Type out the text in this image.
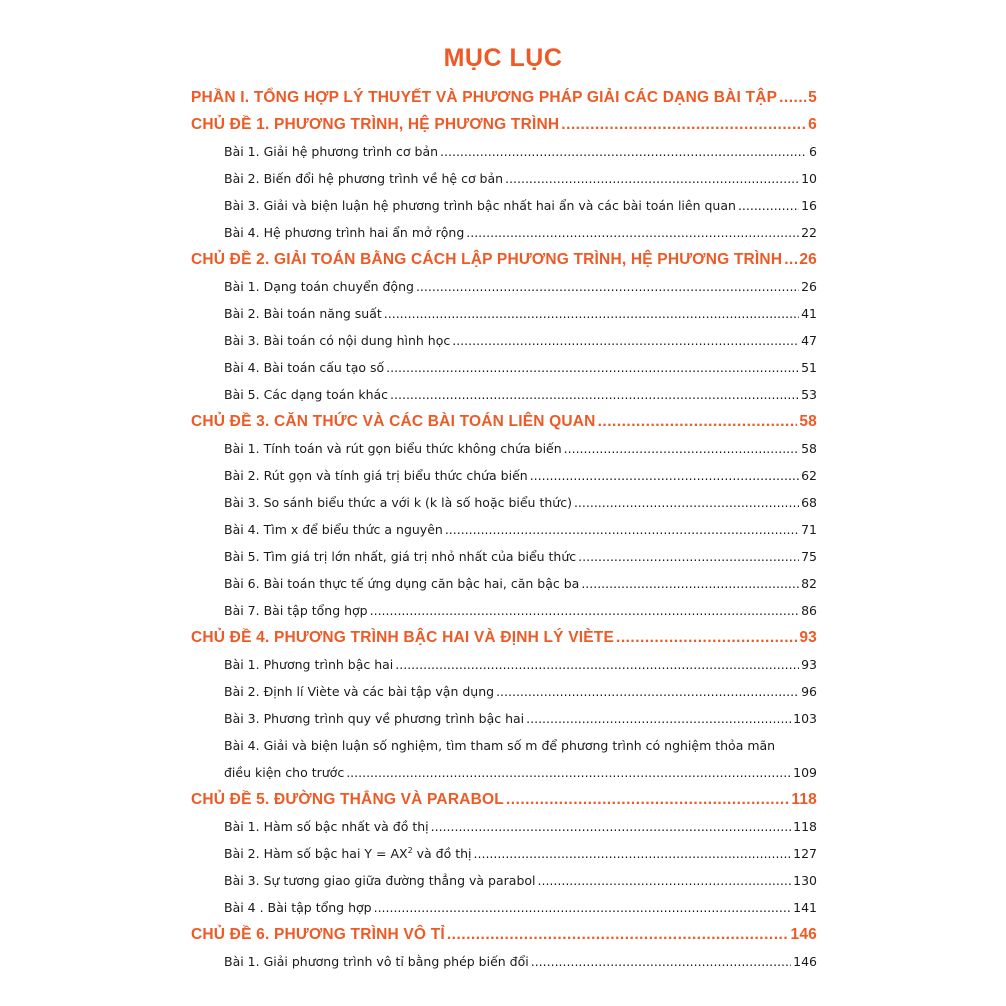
MỤC LỤC
PHẦN I. TỔNG HỢP LÝ THUYẾT VÀ PHƯƠNG PHÁP GIẢI CÁC DẠNG BÀI TẬP ..... 5
CHỦ ĐỀ 1. PHƯƠNG TRÌNH, HỆ PHƯƠNG TRÌNH .....	6
Bài 1. Giải hệ phương trình cơ bản .....	6
Bài 2. Biến đổi hệ phương trình về hệ cơ bản .....	10
Bài 3. Giải và biện luận hệ phương trình bậc nhất hai ẩn và các bài toán liên quan .....	16
Bài 4. Hệ phương trình hai ẩn mở rộng .....	22
CHỦ ĐỀ 2. GIẢI TOÁN BẰNG CÁCH LẬP PHƯƠNG TRÌNH, HỆ PHƯƠNG TRÌNH ..... 26
Bài 1. Dạng toán chuyển động .....	26
Bài 2. Bài toán năng suất .....	41
Bài 3. Bài toán có nội dung hình học .....	47
Bài 4. Bài toán cấu tạo số .....	51
Bài 5. Các dạng toán khác .....	53
CHỦ ĐỀ 3. CĂN THỨC VÀ CÁC BÀI TOÁN LIÊN QUAN .....	58
Bài 1. Tính toán và rút gọn biểu thức không chứa biến .....	58
Bài 2. Rút gọn và tính giá trị biểu thức chứa biến .....	62
Bài 3. So sánh biểu thức a với k (k là số hoặc biểu thức) .....	68
Bài 4. Tìm x để biểu thức a nguyên .....	71
Bài 5. Tìm giá trị lớn nhất, giá trị nhỏ nhất của biểu thức .....	75
Bài 6. Bài toán thực tế ứng dụng căn bậc hai, căn bậc ba .....	82
Bài 7. Bài tập tổng hợp .....	86
CHỦ ĐỀ 4. PHƯƠNG TRÌNH BẬC HAI VÀ ĐỊNH LÝ VIÈTE .....	93
Bài 1. Phương trình bậc hai .....	93
Bài 2. Định lí Viète và các bài tập vận dụng .....	96
Bài 3. Phương trình quy về phương trình bậc hai .....	103
Bài 4. Giải và biện luận số nghiệm, tìm tham số m để phương trình có nghiệm thỏa mãn
điều kiện cho trước .....	109
CHỦ ĐỀ 5. ĐƯỜNG THẲNG VÀ PARABOL .....	118
Bài 1. Hàm số bậc nhất và đồ thị .....	118
Bài 2. Hàm số bậc hai $Y = AX^2$ và đồ thị .....	127
Bài 3. Sự tương giao giữa đường thẳng và parabol .....	130
Bài 4 . Bài tập tổng hợp .....	141
CHỦ ĐỀ 6. PHƯƠNG TRÌNH VÔ TỈ .....	146
Bài 1. Giải phương trình vô tỉ bằng phép biến đổi .....	146
